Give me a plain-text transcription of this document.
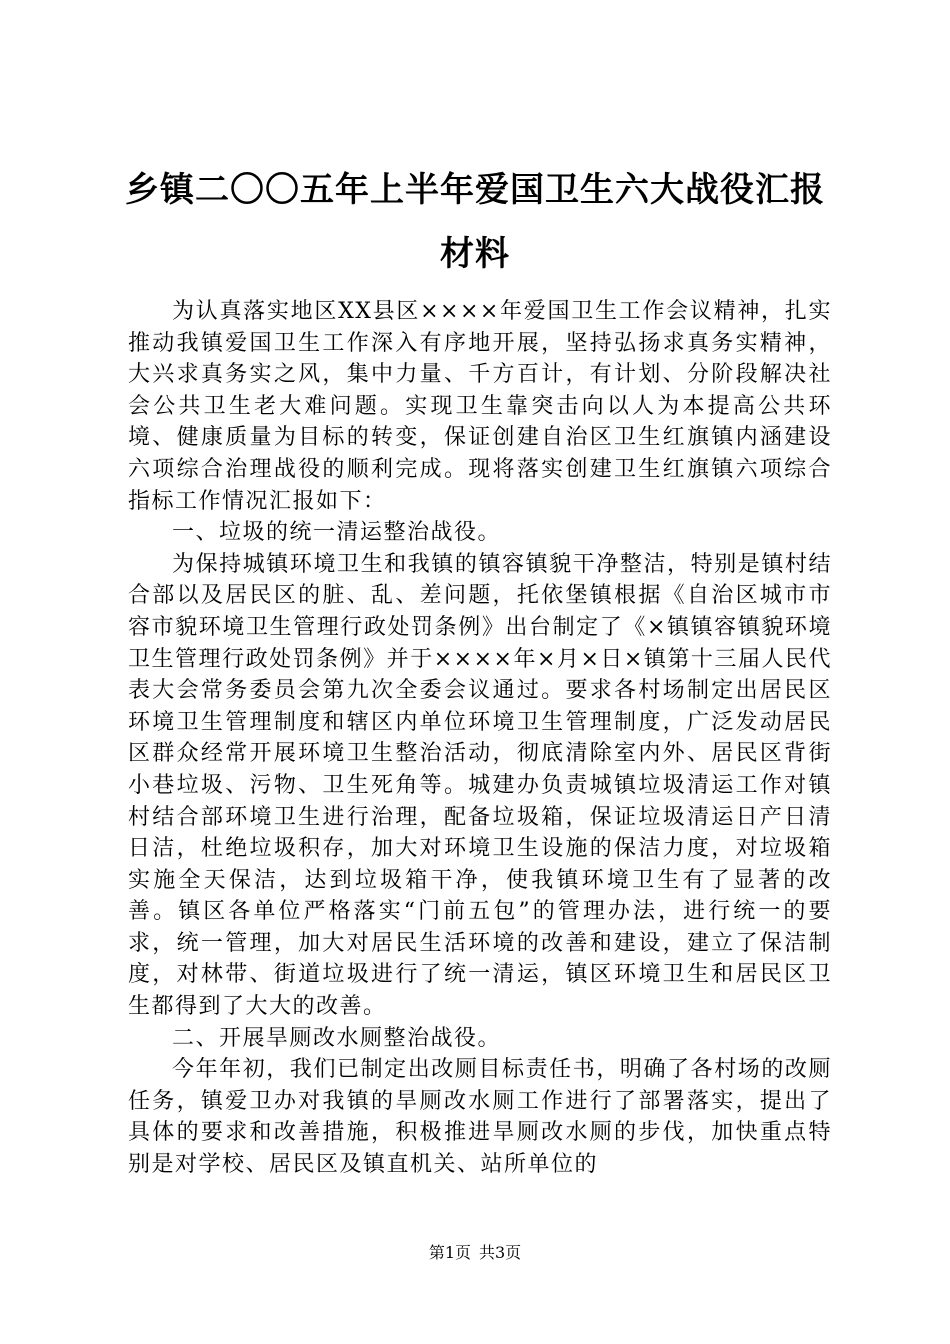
乡镇二〇〇五年上半年爱国卫生六大战役汇报材料

为认真落实地区XX县区××××年爱国卫生工作会议精神，扎实推动我镇爱国卫生工作深入有序地开展，坚持弘扬求真务实精神，大兴求真务实之风，集中力量、千方百计，有计划、分阶段解决社会公共卫生老大难问题。实现卫生靠突击向以人为本提高公共环境、健康质量为目标的转变，保证创建自治区卫生红旗镇内涵建设六项综合治理战役的顺利完成。现将落实创建卫生红旗镇六项综合指标工作情况汇报如下：

一、垃圾的统一清运整治战役。

为保持城镇环境卫生和我镇的镇容镇貌干净整洁，特别是镇村结合部以及居民区的脏、乱、差问题，托依堡镇根据《自治区城市市容市貌环境卫生管理行政处罚条例》出台制定了《×镇镇容镇貌环境卫生管理行政处罚条例》并于××××年×月×日×镇第十三届人民代表大会常务委员会第九次全委会议通过。要求各村场制定出居民区环境卫生管理制度和辖区内单位环境卫生管理制度，广泛发动居民区群众经常开展环境卫生整治活动，彻底清除室内外、居民区背街小巷垃圾、污物、卫生死角等。城建办负责城镇垃圾清运工作对镇村结合部环境卫生进行治理，配备垃圾箱，保证垃圾清运日产日清日洁，杜绝垃圾积存，加大对环境卫生设施的保洁力度，对垃圾箱实施全天保洁，达到垃圾箱干净，使我镇环境卫生有了显著的改善。镇区各单位严格落实“门前五包”的管理办法，进行统一的要求，统一管理，加大对居民生活环境的改善和建设，建立了保洁制度，对林带、街道垃圾进行了统一清运，镇区环境卫生和居民区卫生都得到了大大的改善。

二、开展旱厕改水厕整治战役。

今年年初，我们已制定出改厕目标责任书，明确了各村场的改厕任务，镇爱卫办对我镇的旱厕改水厕工作进行了部署落实，提出了具体的要求和改善措施，积极推进旱厕改水厕的步伐，加快重点特别是对学校、居民区及镇直机关、站所单位的

第1页 共3页
